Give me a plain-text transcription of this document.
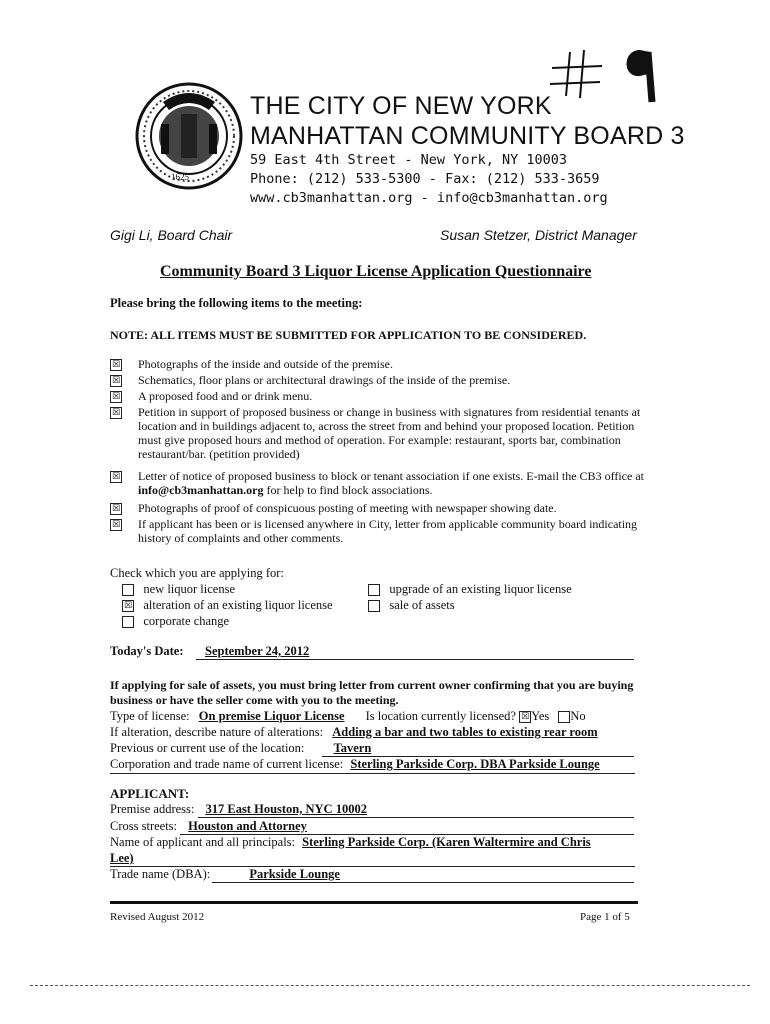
1625
THE CITY OF NEW YORK
MANHATTAN COMMUNITY BOARD 3
59 East 4th Street - New York, NY 10003
Phone: (212) 533-5300 - Fax: (212) 533-3659
www.cb3manhattan.org - info@cb3manhattan.org
Gigi Li, Board Chair	Susan Stetzer, District Manager
Community Board 3 Liquor License Application Questionnaire
Please bring the following items to the meeting:
NOTE: ALL ITEMS MUST BE SUBMITTED FOR APPLICATION TO BE CONSIDERED.
☒ Photographs of the inside and outside of the premise.
☒ Schematics, floor plans or architectural drawings of the inside of the premise.
☒ A proposed food and or drink menu.
☒ Petition in support of proposed business or change in business with signatures from residential tenants at location and in buildings adjacent to, across the street from and behind your proposed location. Petition must give proposed hours and method of operation. For example: restaurant, sports bar, combination restaurant/bar. (petition provided)
☒ Letter of notice of proposed business to block or tenant association if one exists. E-mail the CB3 office at info@cb3manhattan.org for help to find block associations.
☒ Photographs of proof of conspicuous posting of meeting with newspaper showing date.
☒ If applicant has been or is licensed anywhere in City, letter from applicable community board indicating history of complaints and other comments.
Check which you are applying for:
new liquor license	upgrade of an existing liquor license
☒ alteration of an existing liquor license	sale of assets
corporate change
Today's Date: September 24, 2012
If applying for sale of assets, you must bring letter from current owner confirming that you are buying business or have the seller come with you to the meeting.
Type of license: On premise Liquor License Is location currently licensed? ☒ Yes No
If alteration, describe nature of alterations: Adding a bar and two tables to existing rear room
Previous or current use of the location: Tavern
Corporation and trade name of current license: Sterling Parkside Corp. DBA Parkside Lounge
APPLICANT:
Premise address: 317 East Houston, NYC 10002
Cross streets: Houston and Attorney
Name of applicant and all principals: Sterling Parkside Corp. (Karen Waltermire and Chris
Lee)
Trade name (DBA):	Parkside Lounge
Revised August 2012	Page 1 of 5
